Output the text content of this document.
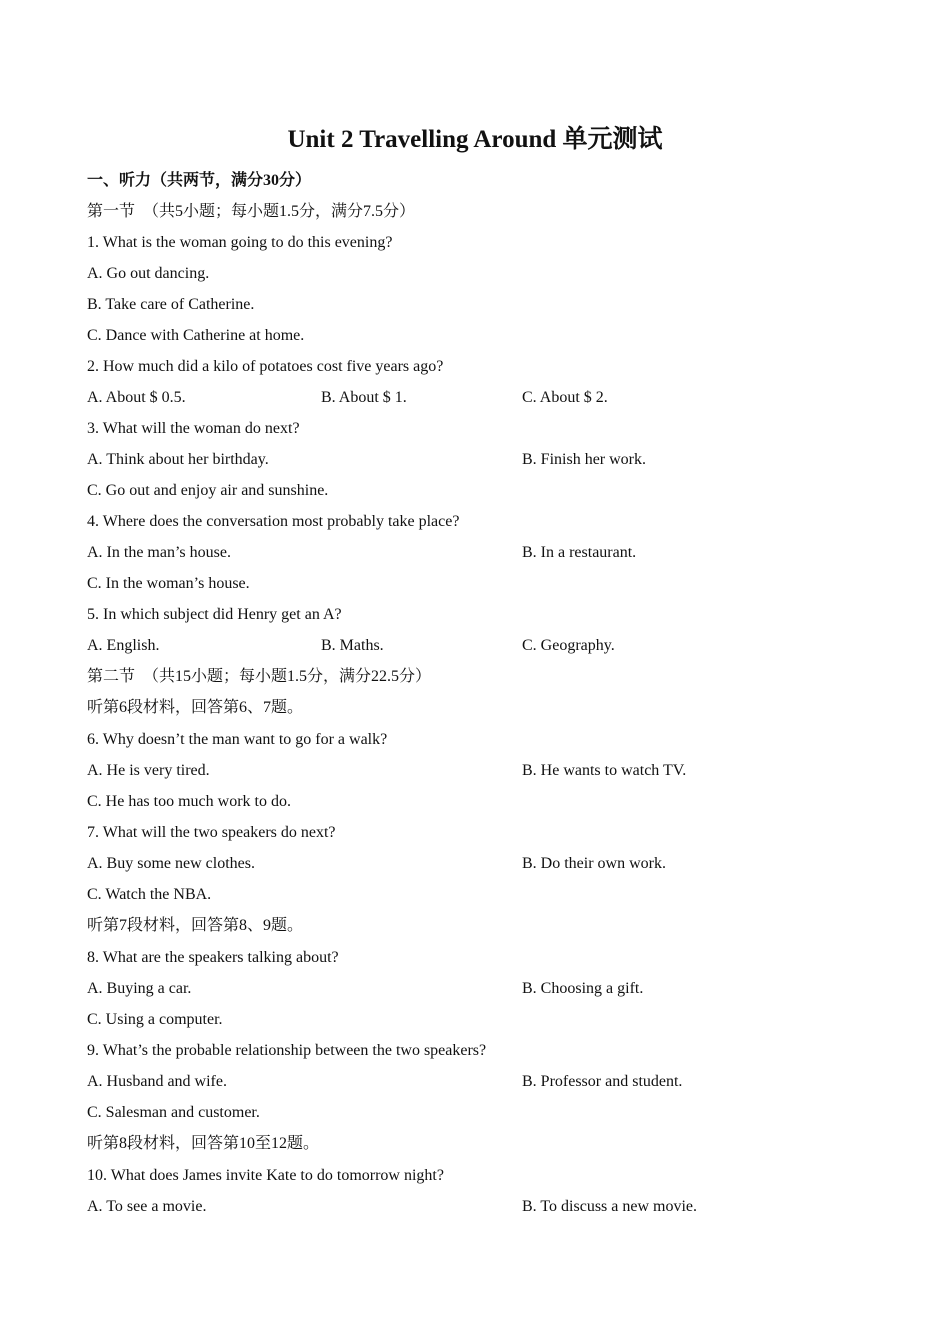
Unit 2 Travelling Around 单元测试
一、听力（共两节，满分30分）
第一节　（共5小题；每小题1.5分，满分7.5分）
1. What is the woman going to do this evening?
A. Go out dancing.
B. Take care of Catherine.
C. Dance with Catherine at home.
2. How much did a kilo of potatoes cost five years ago?
A. About $ 0.5.	B. About $ 1.	C. About $ 2.
3. What will the woman do next?
A. Think about her birthday.	B. Finish her work.
C. Go out and enjoy air and sunshine.
4. Where does the conversation most probably take place?
A. In the man’s house.	B. In a restaurant.
C. In the woman’s house.
5. In which subject did Henry get an A?
A. English.	B. Maths.	C. Geography.
第二节　（共15小题；每小题1.5分，满分22.5分）
听第6段材料，回答第6、7题。
6. Why doesn’t the man want to go for a walk?
A. He is very tired.	B. He wants to watch TV.
C. He has too much work to do.
7. What will the two speakers do next?
A. Buy some new clothes.	B. Do their own work.
C. Watch the NBA.
听第7段材料，回答第8、9题。
8. What are the speakers talking about?
A. Buying a car.	B. Choosing a gift.
C. Using a computer.
9. What’s the probable relationship between the two speakers?
A. Husband and wife.	B. Professor and student.
C. Salesman and customer.
听第8段材料，回答第10至12题。
10. What does James invite Kate to do tomorrow night?
A. To see a movie.	B. To discuss a new movie.
